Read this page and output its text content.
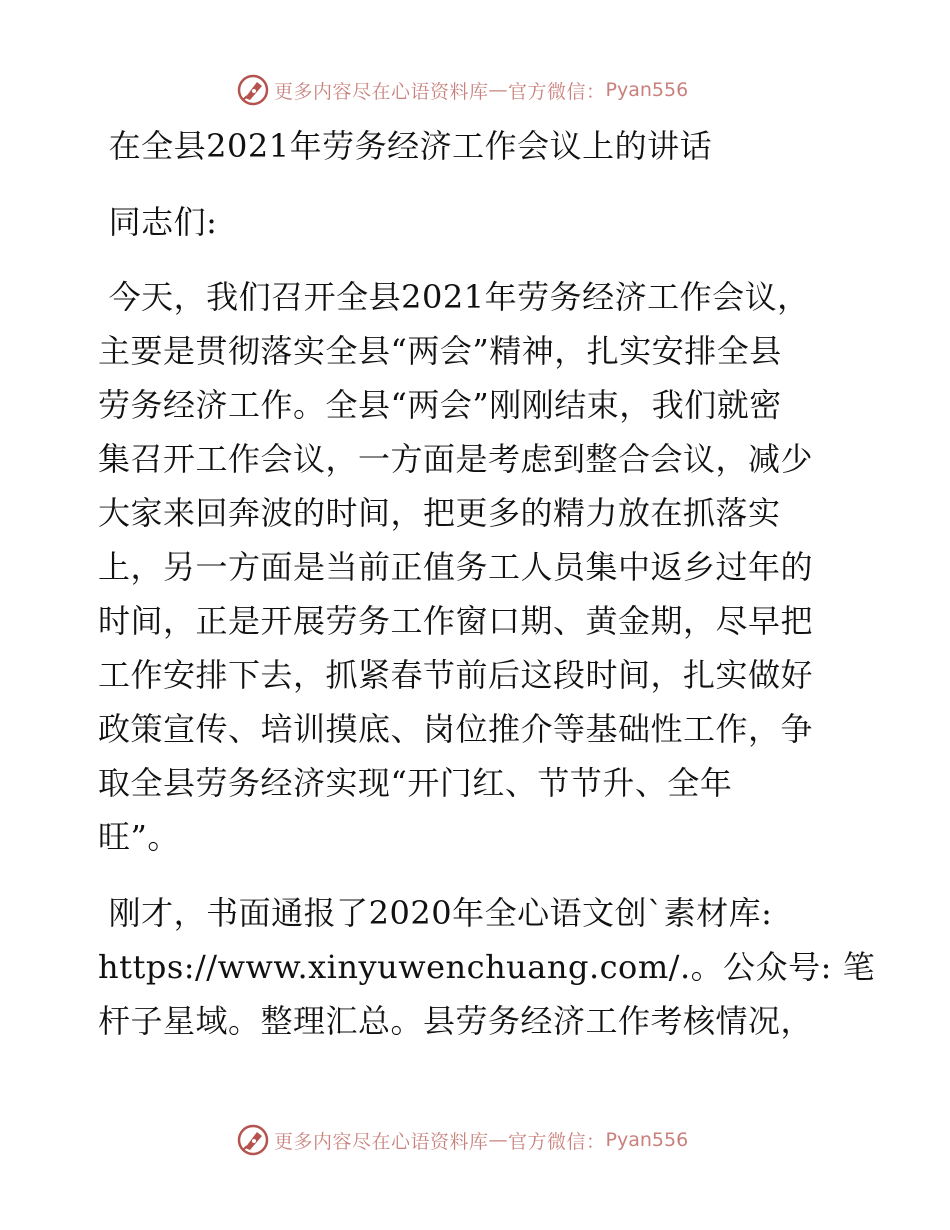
更多内容尽在心语资料库 — 官方微信： Pyan556
在全县2021年劳务经济工作会议上的讲话
同志们:
今天，我们召开全县2021年劳务经济工作会议，
主要是贯彻落实全县“两会”精神，扎实安排全县
劳务经济工作。全县“两会”刚刚结束，我们就密
集召开工作会议，一方面是考虑到整合会议，减少
大家来回奔波的时间，把更多的精力放在抓落实
上，另一方面是当前正值务工人员集中返乡过年的
时间，正是开展劳务工作窗口期、黄金期，尽早把
工作安排下去，抓紧春节前后这段时间，扎实做好
政策宣传、培训摸底、岗位推介等基础性工作，争
取全县劳务经济实现“开门红、节节升、全年
旺”。
刚才，书面通报了2020年全心语文创`素材库:
https://www.xinyuwenchuang.com/.。公众号: 笔
杆子星域。整理汇总。县劳务经济工作考核情况，
更多内容尽在心语资料库 — 官方微信： Pyan556
